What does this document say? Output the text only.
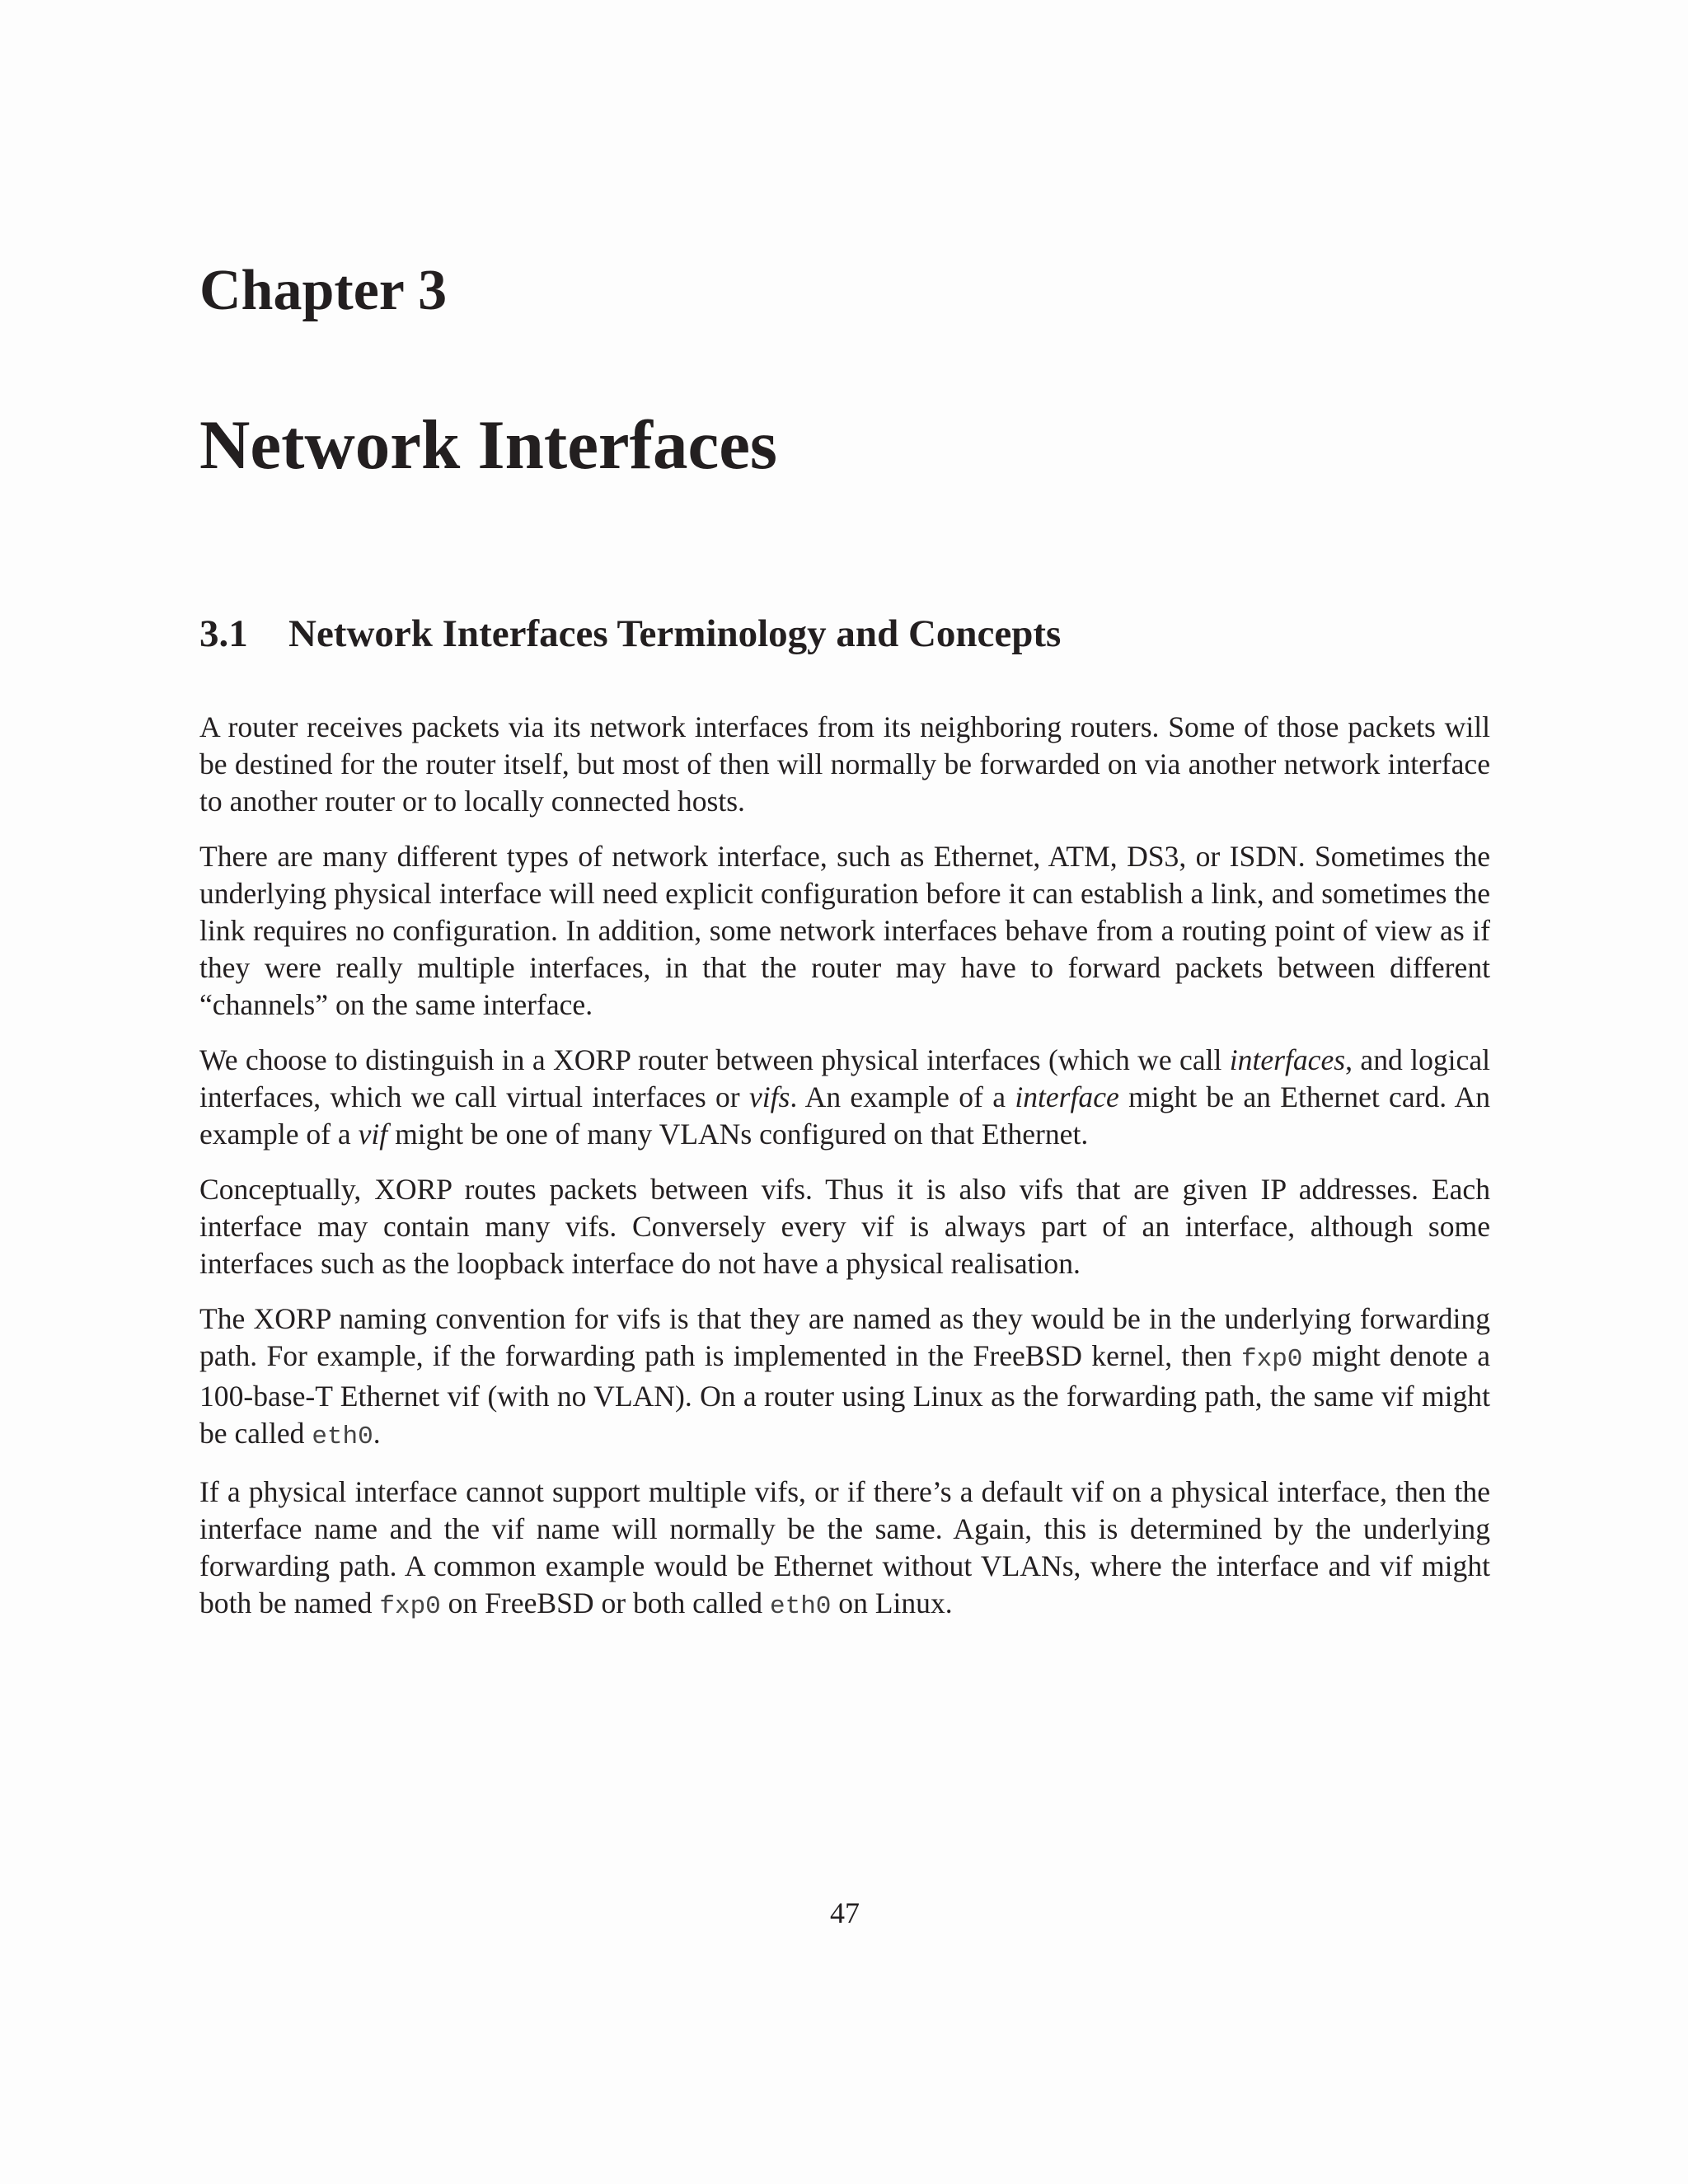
Chapter 3
Network Interfaces
3.1 Network Interfaces Terminology and Concepts

A router receives packets via its network interfaces from its neighboring routers. Some of those packets will be destined for the router itself, but most of then will normally be forwarded on via another network interface to another router or to locally connected hosts.

There are many different types of network interface, such as Ethernet, ATM, DS3, or ISDN. Sometimes the underlying physical interface will need explicit configuration before it can establish a link, and sometimes the link requires no configuration. In addition, some network interfaces behave from a routing point of view as if they were really multiple interfaces, in that the router may have to forward packets between different “channels” on the same interface.

We choose to distinguish in a XORP router between physical interfaces (which we call interfaces, and logical interfaces, which we call virtual interfaces or vifs. An example of a interface might be an Ethernet card. An example of a vif might be one of many VLANs configured on that Ethernet.

Conceptually, XORP routes packets between vifs. Thus it is also vifs that are given IP addresses. Each interface may contain many vifs. Conversely every vif is always part of an interface, although some interfaces such as the loopback interface do not have a physical realisation.

The XORP naming convention for vifs is that they are named as they would be in the underlying forwarding path. For example, if the forwarding path is implemented in the FreeBSD kernel, then fxp0 might denote a 100-base-T Ethernet vif (with no VLAN). On a router using Linux as the forwarding path, the same vif might be called eth0.

If a physical interface cannot support multiple vifs, or if there’s a default vif on a physical interface, then the interface name and the vif name will normally be the same. Again, this is determined by the underlying forwarding path. A common example would be Ethernet without VLANs, where the interface and vif might both be named fxp0 on FreeBSD or both called eth0 on Linux.

47
